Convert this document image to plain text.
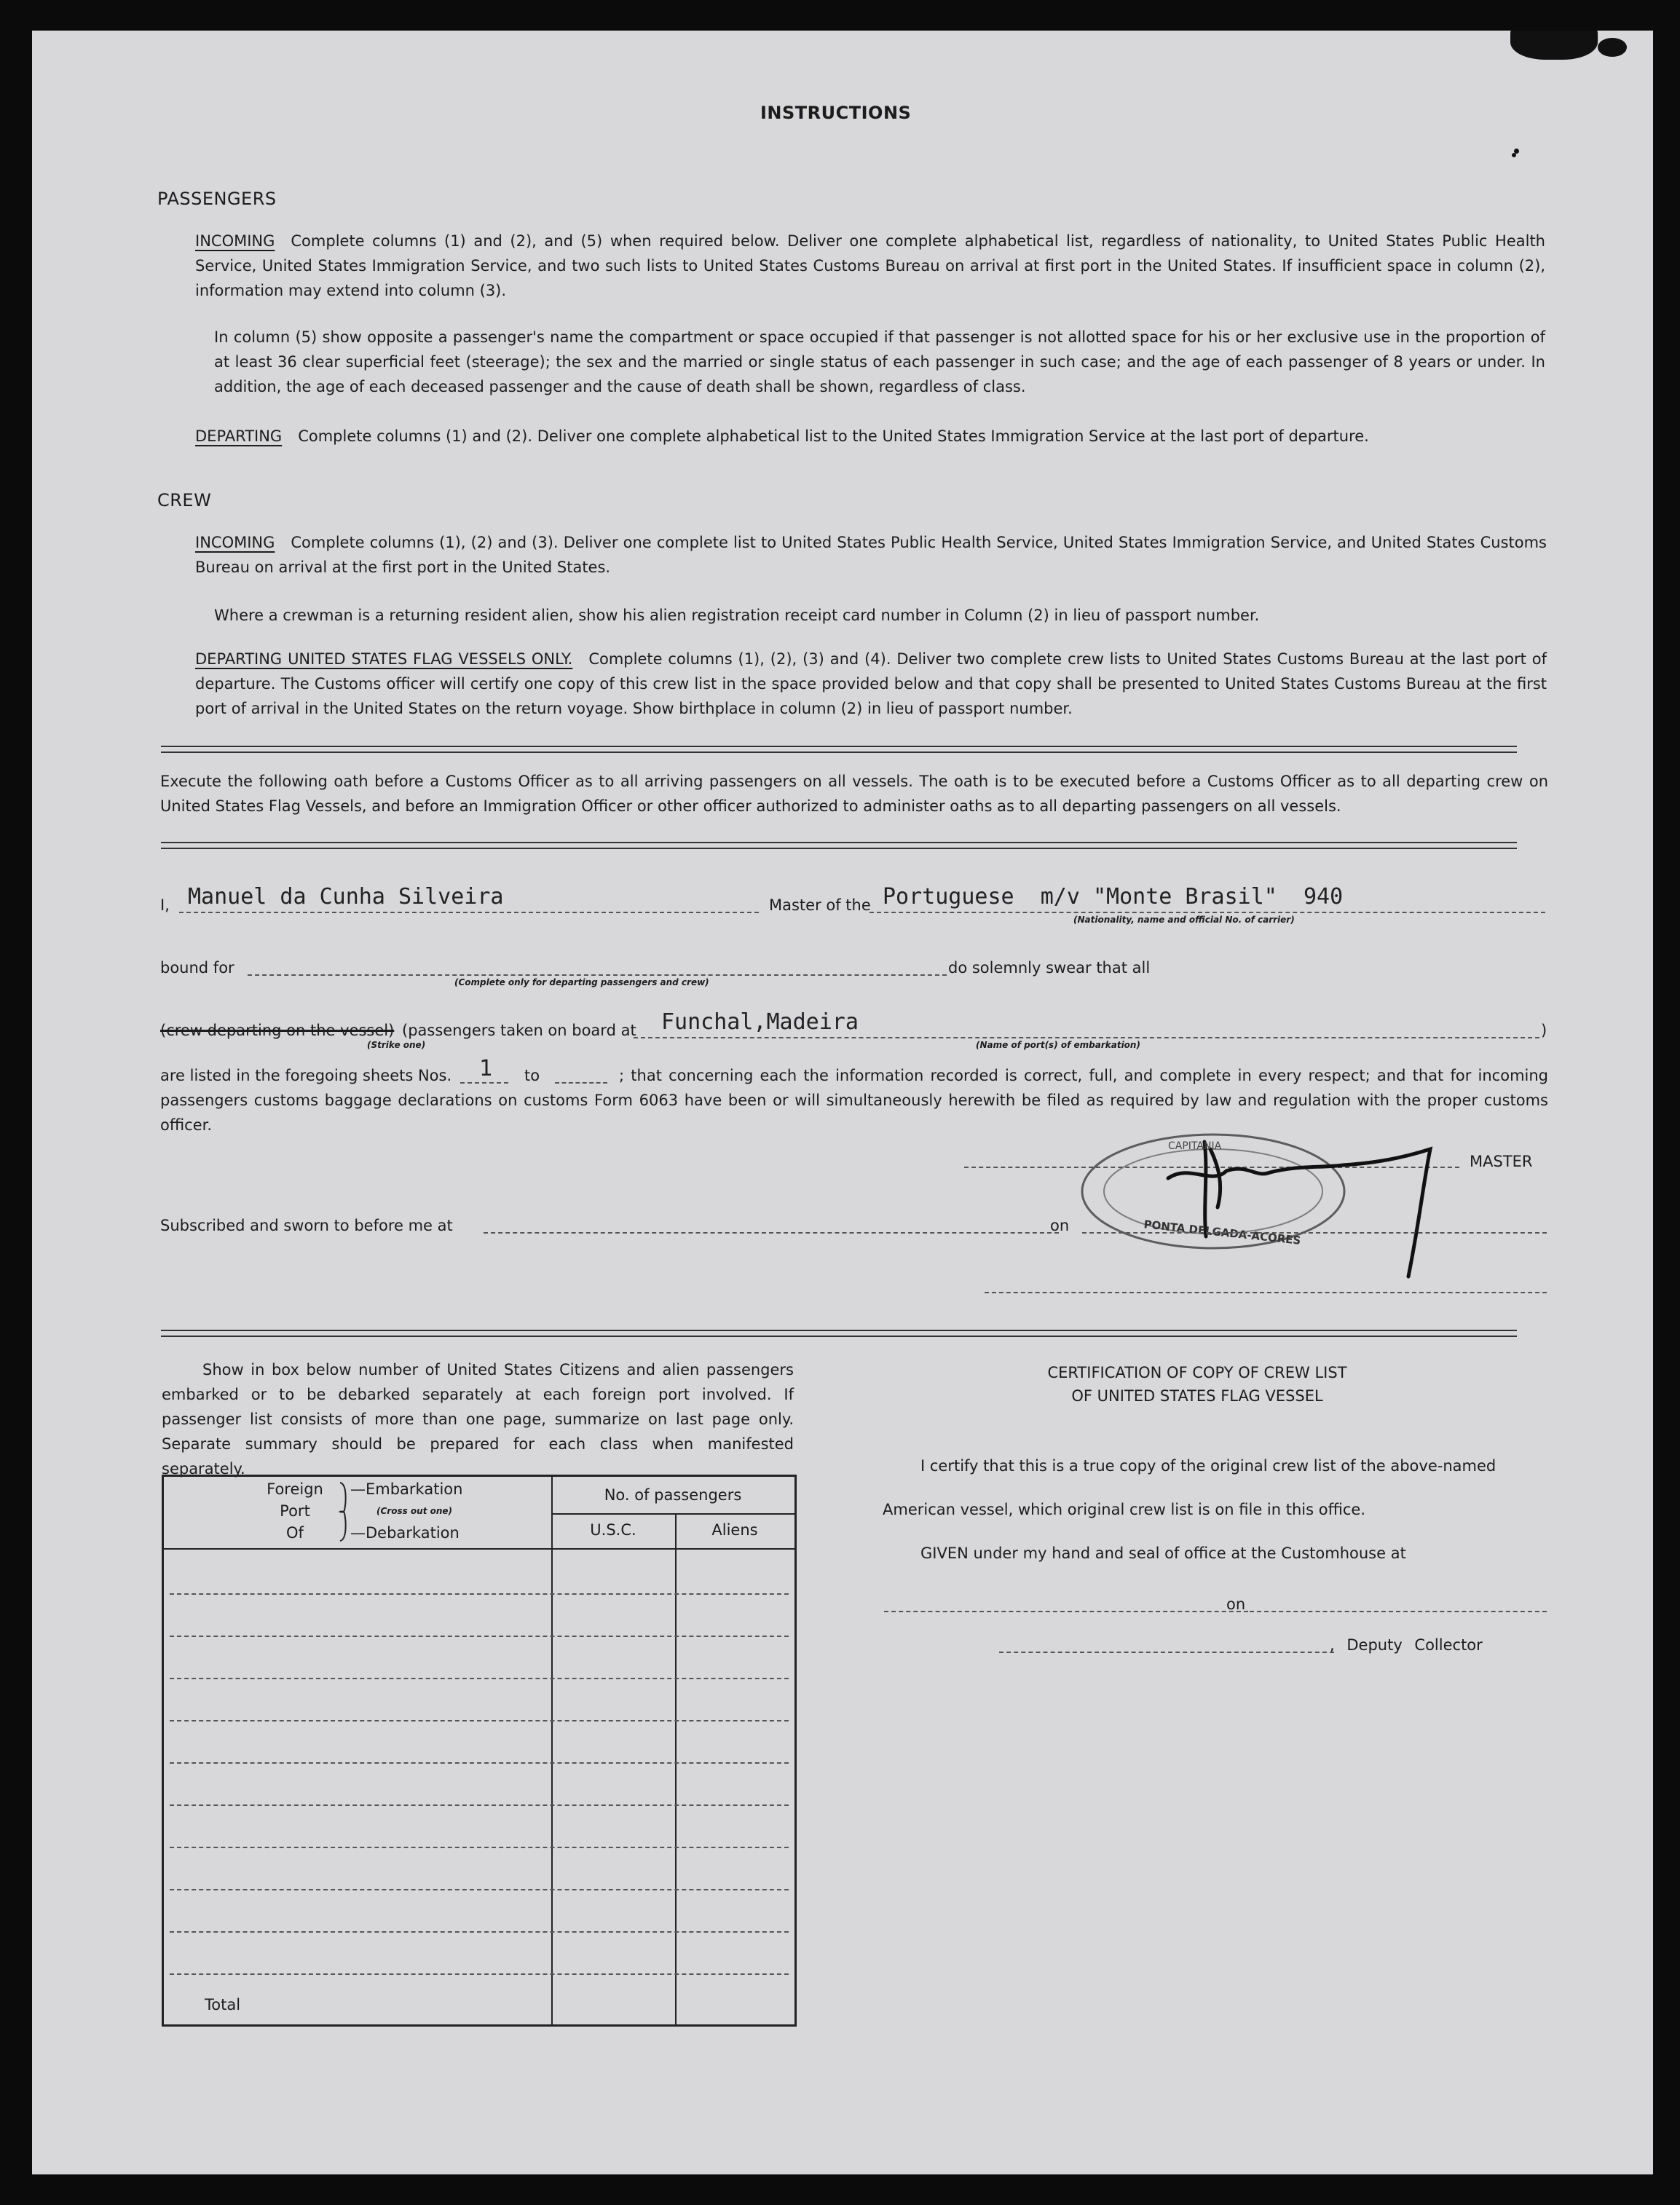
INSTRUCTIONS
PASSENGERS
INCOMING Complete columns (1) and (2), and (5) when required below. Deliver one complete alphabetical list, regardless of nationality, to United States Public Health Service, United States Immigration Service, and two such lists to United States Customs Bureau on arrival at first port in the United States. If insufficient space in column (2), information may extend into column (3).
In column (5) show opposite a passenger's name the compartment or space occupied if that passenger is not allotted space for his or her exclusive use in the proportion of at least 36 clear superficial feet (steerage); the sex and the married or single status of each passenger in such case; and the age of each passenger of 8 years or under. In addition, the age of each deceased passenger and the cause of death shall be shown, regardless of class.
DEPARTING Complete columns (1) and (2). Deliver one complete alphabetical list to the United States Immigration Service at the last port of departure.
CREW
INCOMING Complete columns (1), (2) and (3). Deliver one complete list to United States Public Health Service, United States Immigration Service, and United States Customs Bureau on arrival at the first port in the United States.
Where a crewman is a returning resident alien, show his alien registration receipt card number in Column (2) in lieu of passport number.
DEPARTING UNITED STATES FLAG VESSELS ONLY. Complete columns (1), (2), (3) and (4). Deliver two complete crew lists to United States Customs Bureau at the last port of departure. The Customs officer will certify one copy of this crew list in the space provided below and that copy shall be presented to United States Customs Bureau at the first port of arrival in the United States on the return voyage. Show birthplace in column (2) in lieu of passport number.
Execute the following oath before a Customs Officer as to all arriving passengers on all vessels. The oath is to be executed before a Customs Officer as to all departing crew on United States Flag Vessels, and before an Immigration Officer or other officer authorized to administer oaths as to all departing passengers on all vessels.
I, Manuel da Cunha Silveira	Master of the Portuguese  m/v "Monte Brasil"  940
(Nationality, name and official No. of carrier)
bound for
(Complete only for departing passengers and crew)
do solemnly swear that all
(crew departing on the vessel)
(Strike one)
(passengers taken on board at Funchal,Madeira
(Name of port(s) of embarkation)
)
are listed in the foregoing sheets Nos. 1 to	; that concerning each the information recorded is correct, full, and complete in every respect; and that for incoming passengers customs baggage declarations on customs Form 6063 have been or will simultaneously herewith be filed as required by law and regulation with the proper customs officer.
CAPITANIA
PONTA DELGADA-ACORES
MASTER
Subscribed and sworn to before me at	on
Show in box below number of United States Citizens and alien passengers embarked or to be debarked separately at each foreign port involved. If passenger list consists of more than one page, summarize on last page only. Separate summary should be prepared for each class when manifested separately.
Foreign
Port
Of
—Embarkation
(Cross out one)
—Debarkation
No. of passengers
U.S.C.	Aliens
Total
CERTIFICATION OF COPY OF CREW LIST
OF UNITED STATES FLAG VESSEL
I certify that this is a true copy of the original crew list of the above-named
American vessel, which original crew list is on file in this office.
GIVEN under my hand and seal of office at the Customhouse at
on
, Deputy Collector
